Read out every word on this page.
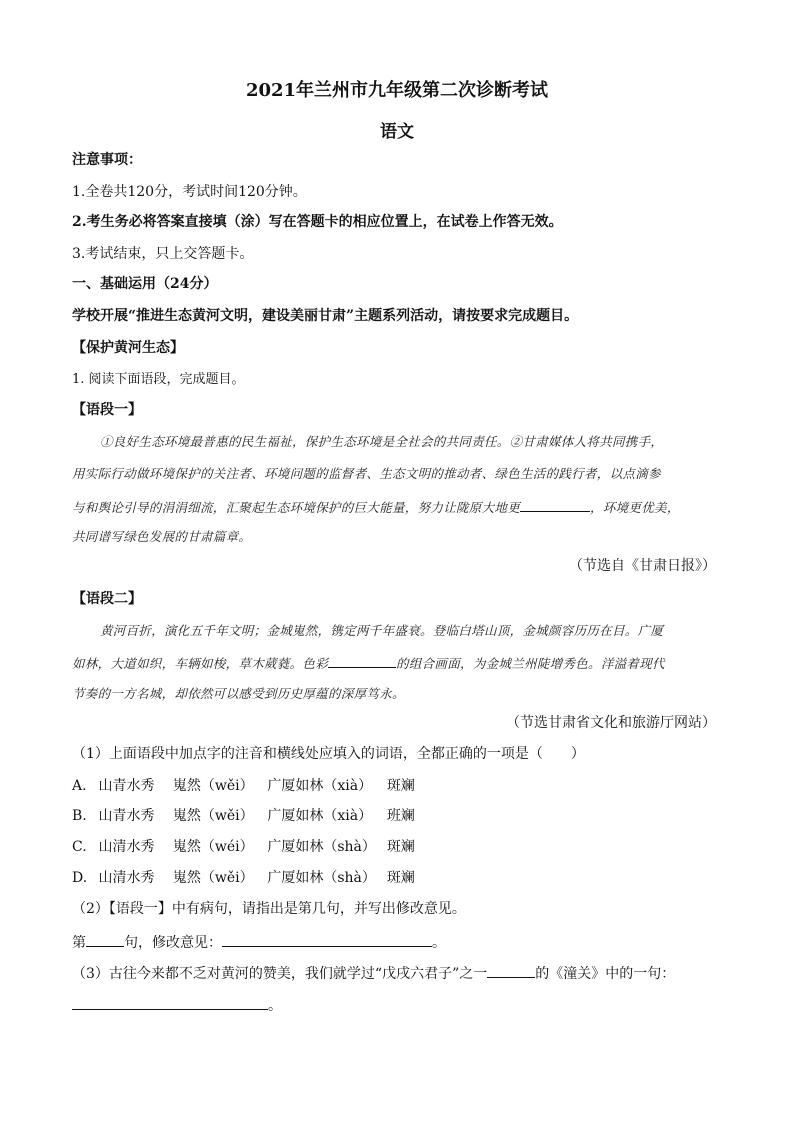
2021年兰州市九年级第二次诊断考试
语文
注意事项：
1.全卷共120分，考试时间120分钟。
2.考生务必将答案直接填（涂）写在答题卡的相应位置上，在试卷上作答无效。
3.考试结束，只上交答题卡。
一、基础运用（24分）
学校开展“推进生态黄河文明，建设美丽甘肃”主题系列活动，请按要求完成题目。
【保护黄河生态】
1. 阅读下面语段，完成题目。
【语段一】
①良好生态环境最普惠的民生福祉，保护生态环境是全社会的共同责任。②甘肃媒体人将共同携手，
用实际行动做环境保护的关注者、环境问题的监督者、生态文明的推动者、绿色生活的践行者，以点滴参
与和舆论引导的涓涓细流，汇聚起生态环境保护的巨大能量，努力让陇原大地更	，环境更优美，
共同谱写绿色发展的甘肃篇章。
（节选自《甘肃日报》）
【语段二】
黄河百折，演化五千年文明；金城嵬然，镌定两千年盛衰。登临白塔山顶，金城颜容历历在目。广厦
如林，大道如织，车辆如梭，草木葳蕤。色彩	的组合画面，为金城兰州陡增秀色。洋溢着现代
节奏的一方名城，却依然可以感受到历史厚蕴的深厚笃永。
（节选甘肃省文化和旅游厅网站）
（1）上面语段中加点字的注音和横线处应填入的词语，全都正确的一项是（　　）
A. 山青水秀 嵬然（wěi） 广厦如林（xià） 斑斓
B. 山青水秀 嵬然（wěi） 广厦如林（xià） 班斓
C. 山清水秀 嵬然（wéi） 广厦如林（shà） 斑斓
D. 山清水秀 嵬然（wěi） 广厦如林（shà） 斑斓
（2）【语段一】中有病句，请指出是第几句，并写出修改意见。
第	句，修改意见：	。
（3）古往今来都不乏对黄河的赞美，我们就学过“戊戌六君子”之一	的《潼关》中的一句：
。
